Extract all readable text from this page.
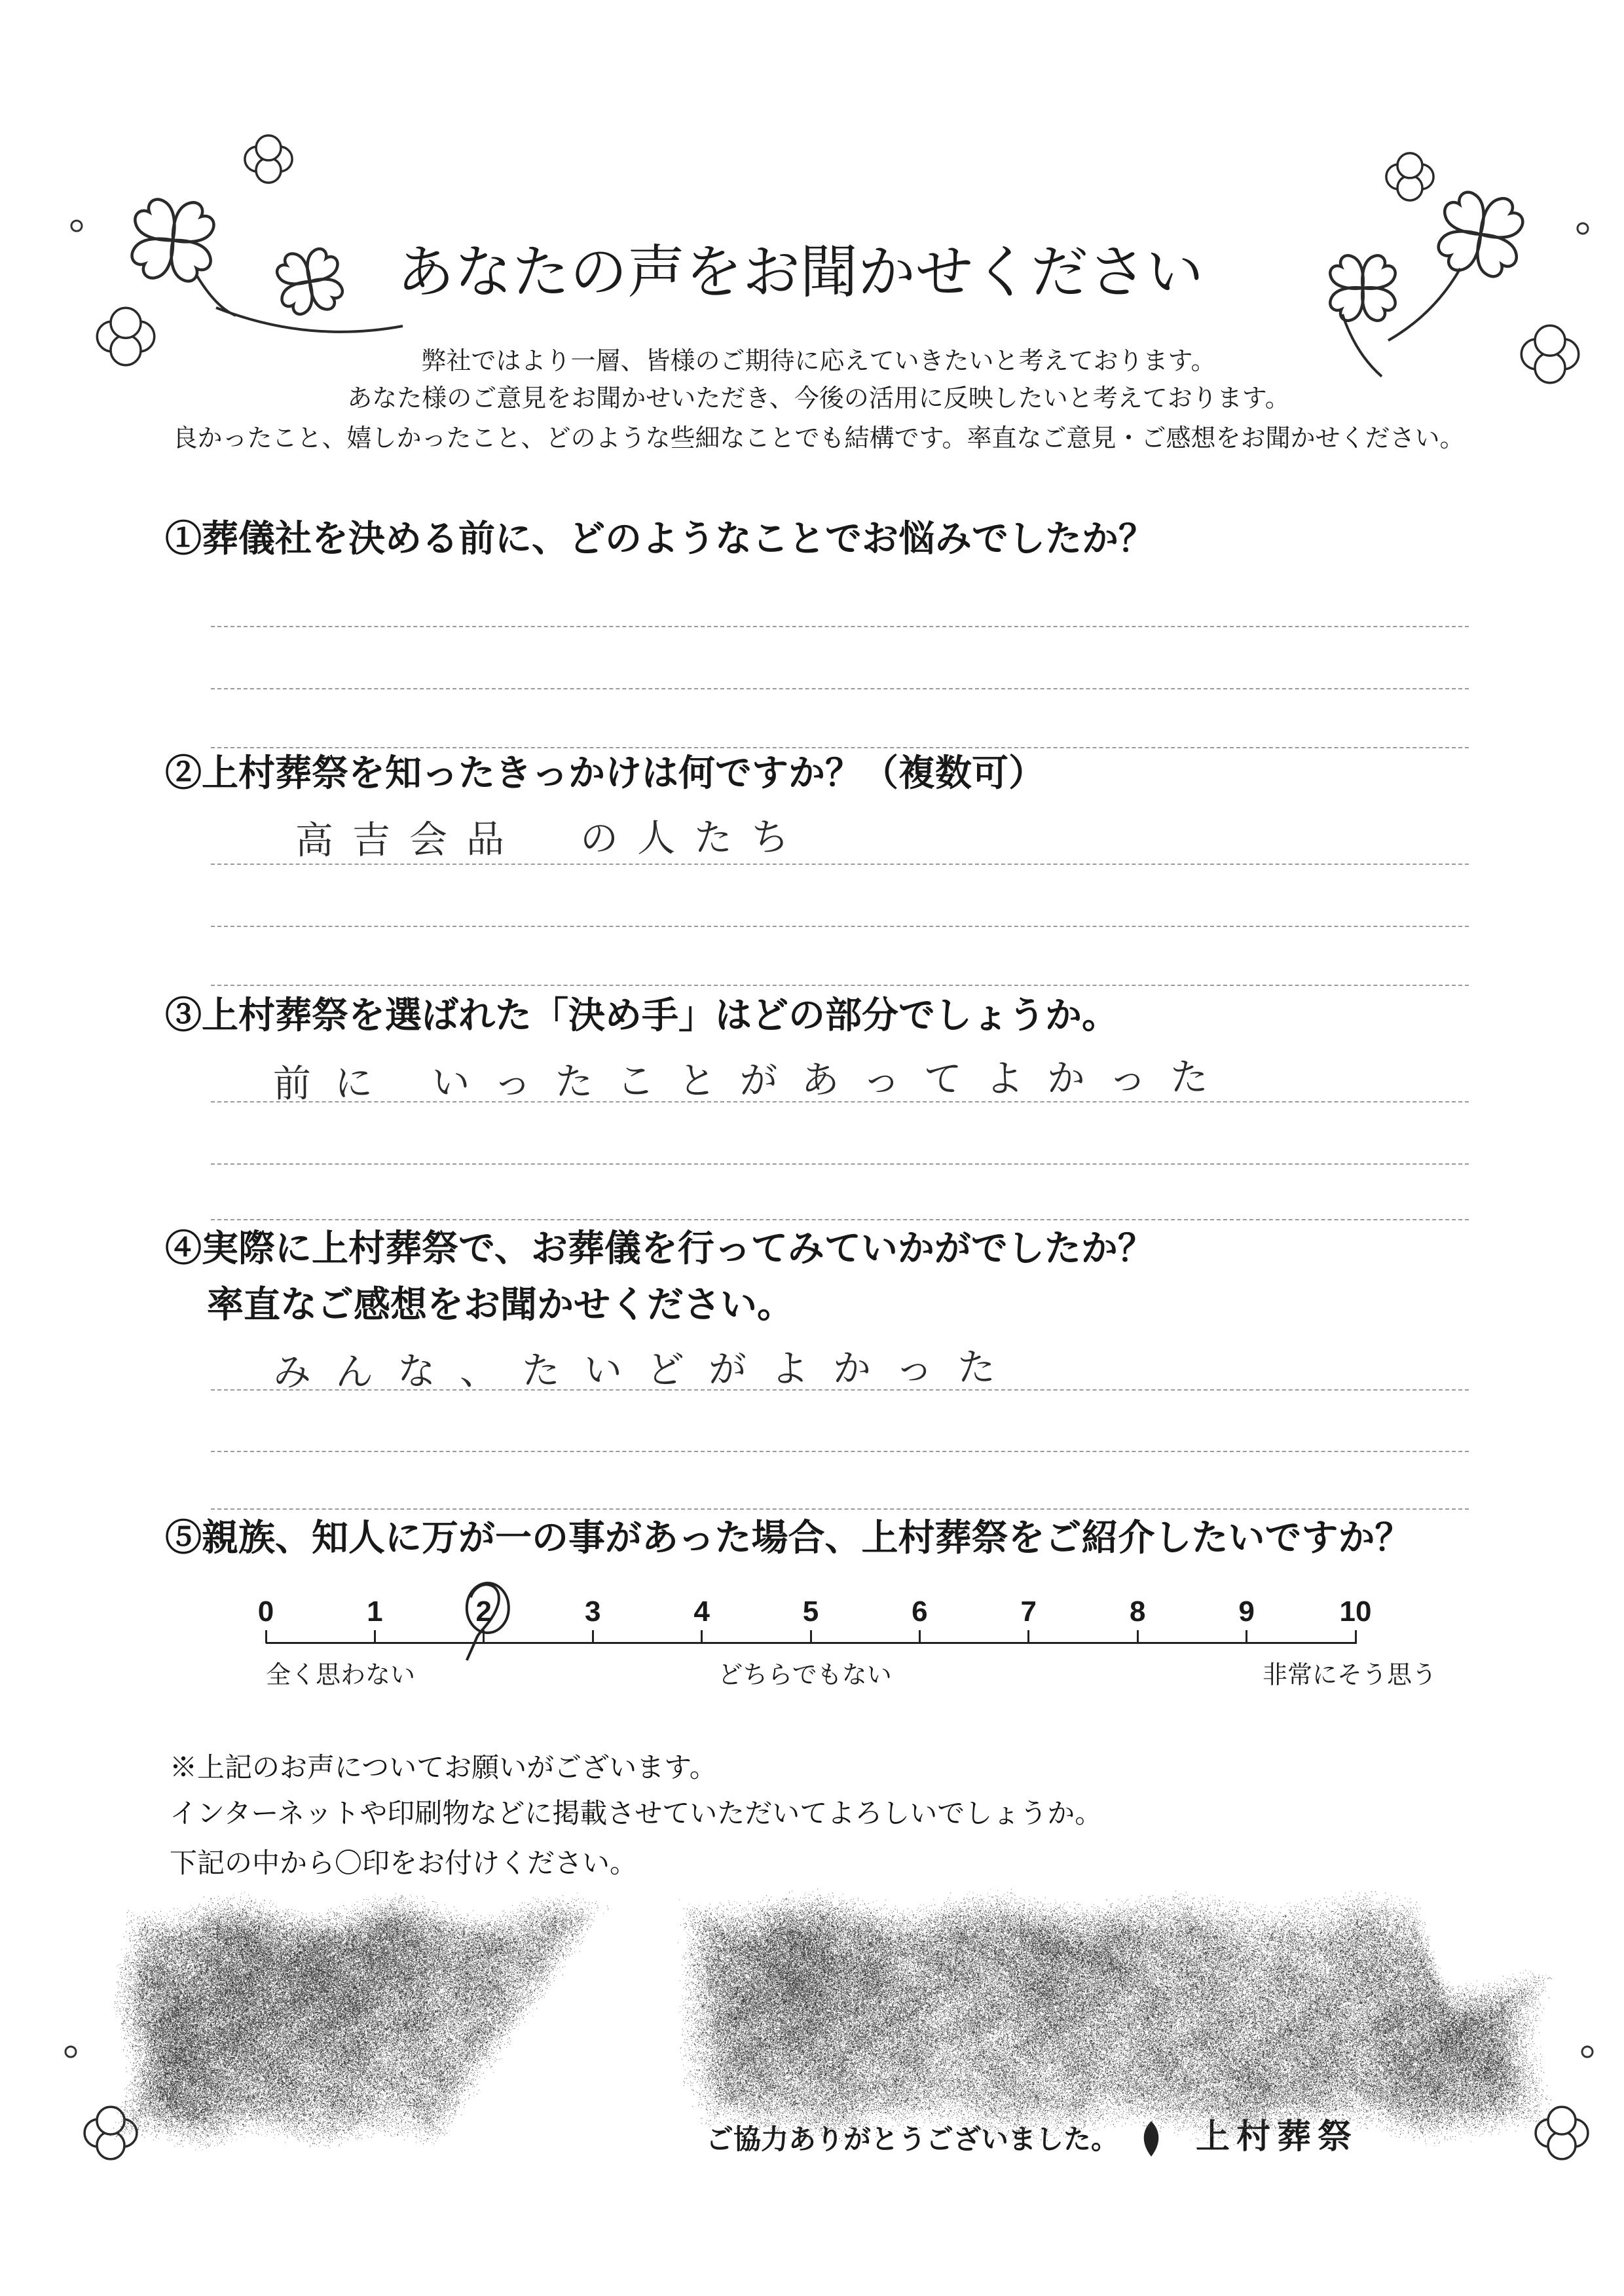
あなたの声をお聞かせください
弊社ではより一層、皆様のご期待に応えていきたいと考えております。
あなた様のご意見をお聞かせいただき、今後の活用に反映したいと考えております。
良かったこと、嬉しかったこと、どのような些細なことでも結構です。率直なご意見・ご感想をお聞かせください。
①葬儀社を決める前に、どのようなことでお悩みでしたか？
②上村葬祭を知ったきっかけは何ですか？（複数可）
高吉会品　の人たち
③上村葬祭を選ばれた「決め手」はどの部分でしょうか。
前に いったことがあってよかった
④実際に上村葬祭で、お葬儀を行ってみていかがでしたか？
率直なご感想をお聞かせください。
みんな、たいどがよかった
⑤親族、知人に万が一の事があった場合、上村葬祭をご紹介したいですか？
0	1	2	3	4	5	6	7	8	9	10
全く思わない	どちらでもない	非常にそう思う
※上記のお声についてお願いがございます。
インターネットや印刷物などに掲載させていただいてよろしいでしょうか。
下記の中から〇印をお付けください。
